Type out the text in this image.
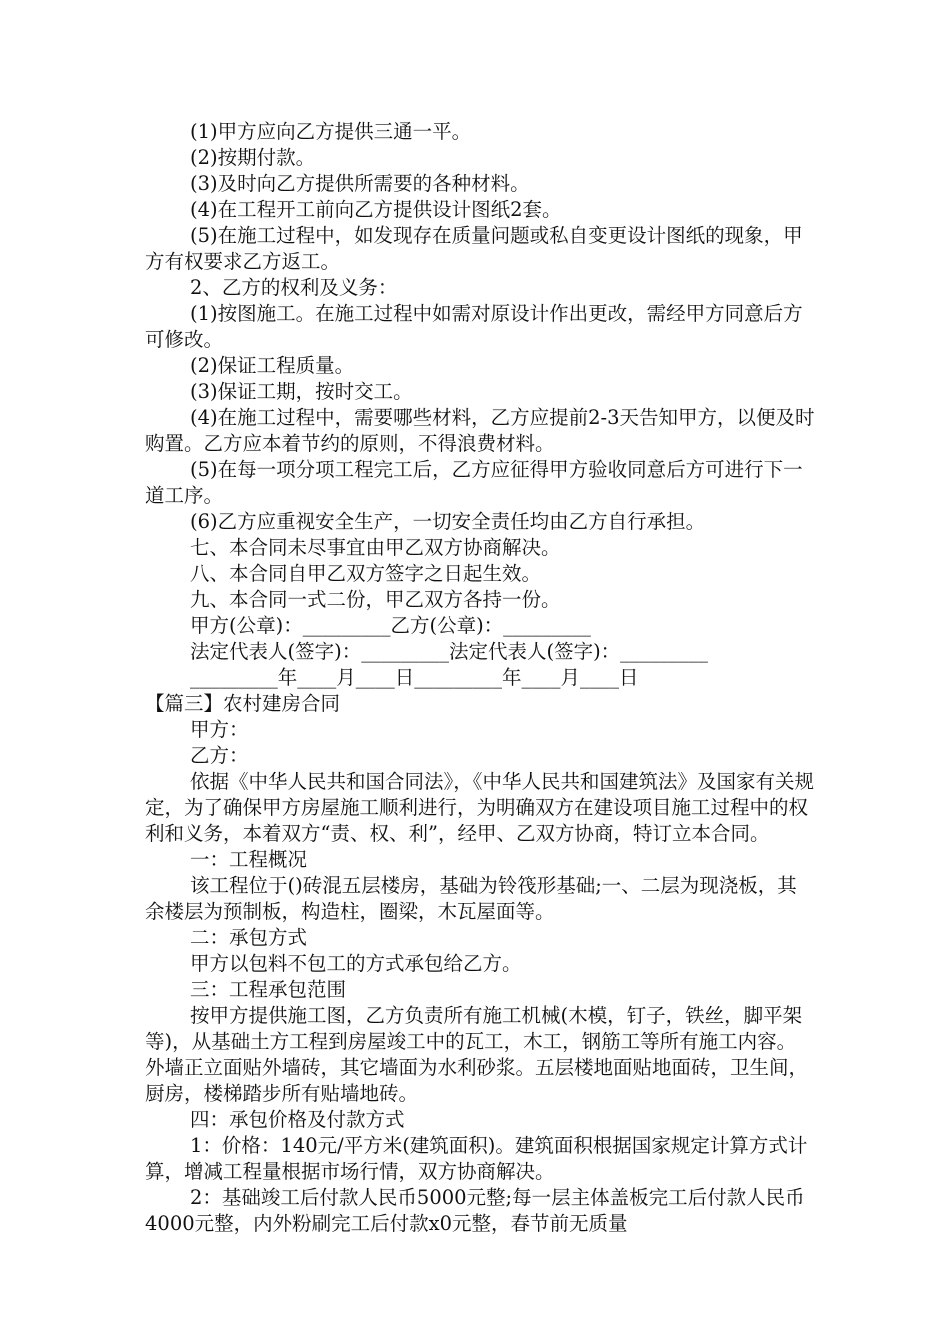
(1)甲方应向乙方提供三通一平。

(2)按期付款。

(3)及时向乙方提供所需要的各种材料。

(4)在工程开工前向乙方提供设计图纸2套。

(5)在施工过程中，如发现存在质量问题或私自变更设计图纸的现象，甲方有权要求乙方返工。

2、乙方的权利及义务：

(1)按图施工。在施工过程中如需对原设计作出更改，需经甲方同意后方可修改。

(2)保证工程质量。

(3)保证工期，按时交工。

(4)在施工过程中，需要哪些材料，乙方应提前2-3天告知甲方，以便及时购置。乙方应本着节约的原则，不得浪费材料。

(5)在每一项分项工程完工后，乙方应征得甲方验收同意后方可进行下一道工序。

(6)乙方应重视安全生产，一切安全责任均由乙方自行承担。

七、本合同未尽事宜由甲乙双方协商解决。

八、本合同自甲乙双方签字之日起生效。

九、本合同一式二份，甲乙双方各持一份。

甲方(公章)：_________乙方(公章)：_________

法定代表人(签字)：_________法定代表人(签字)：_________

_________年____月____日_________年____月____日

【篇三】农村建房合同

甲方：

乙方：

依据《中华人民共和国合同法》，《中华人民共和国建筑法》及国家有关规定，为了确保甲方房屋施工顺利进行，为明确双方在建设项目施工过程中的权利和义务，本着双方“责、权、利”，经甲、乙双方协商，特订立本合同。

一：工程概况

该工程位于()砖混五层楼房，基础为铃筏形基础;一、二层为现浇板，其余楼层为预制板，构造柱，圈梁，木瓦屋面等。

二：承包方式

甲方以包料不包工的方式承包给乙方。

三：工程承包范围

按甲方提供施工图，乙方负责所有施工机械(木模，钉子，铁丝，脚平架等)，从基础土方工程到房屋竣工中的瓦工，木工，钢筋工等所有施工内容。外墙正立面贴外墙砖，其它墙面为水利砂浆。五层楼地面贴地面砖，卫生间，厨房，楼梯踏步所有贴墙地砖。

四：承包价格及付款方式

1：价格：140元/平方米(建筑面积)。建筑面积根据国家规定计算方式计算，增减工程量根据市场行情，双方协商解决。

2：基础竣工后付款人民币5000元整;每一层主体盖板完工后付款人民币4000元整，内外粉刷完工后付款x0元整，春节前无质量
